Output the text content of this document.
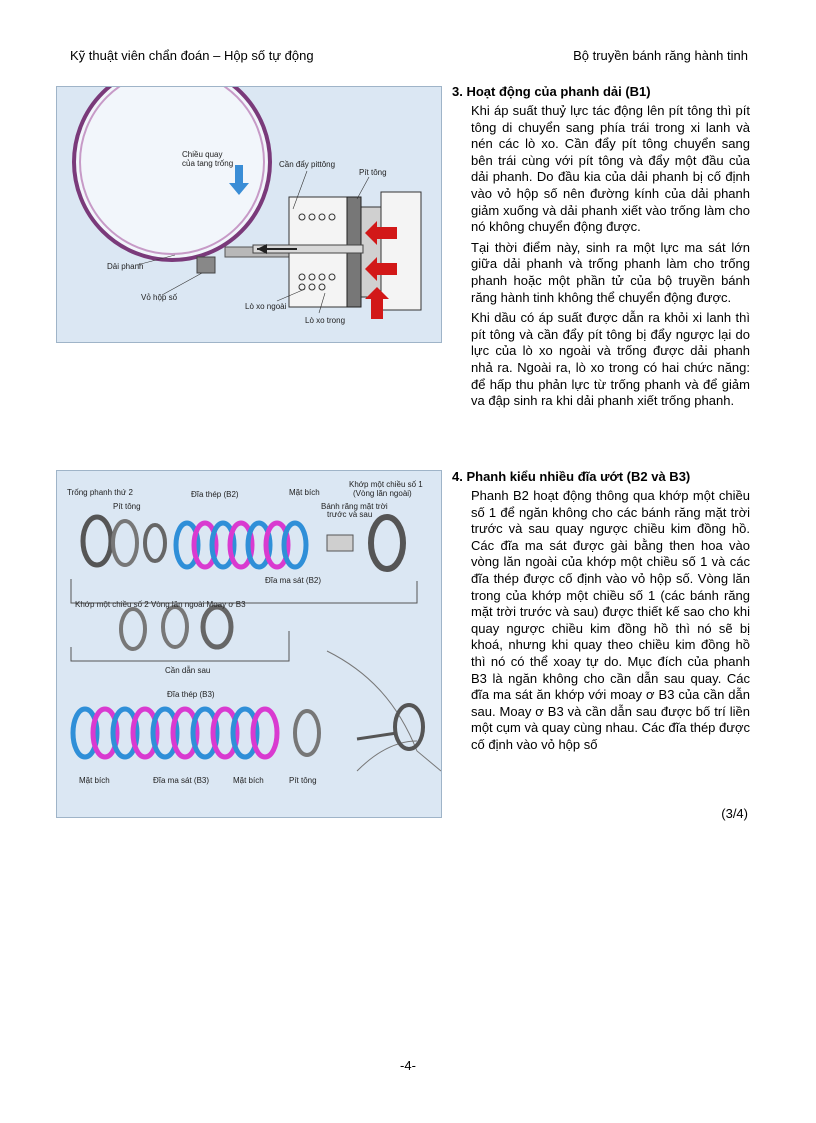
Kỹ thuật viên chẩn đoán – Hộp số tự động	Bộ truyền bánh răng hành tinh
Chiều quay
của tang trống	Cần đẩy pittông
Pít tông
Dải phanh
Vỏ hộp số
Lò xo ngoài
Lò xo trong
Trống phanh thứ 2
Pít tông
Đĩa thép (B2)	Mặt bích
Khớp một chiều số 1
(Vòng lăn ngoài)
Bánh răng mặt trời
trước và sau
Đĩa ma sát (B2)
Khớp một chiều số 2 Vòng lăn ngoài Moay ơ B3
Cần dẫn sau
Đĩa thép (B3)
Mặt bích	Đĩa ma sát (B3)	Mặt bích	Pít tông
3. Hoạt động của phanh dải (B1)

Khi áp suất thuỷ lực tác động lên pít tông thì pít tông di chuyển sang phía trái trong xi lanh và nén các lò xo. Cần đẩy pít tông chuyển sang bên trái cùng với pít tông và đẩy một đầu của dải phanh. Do đầu kia của dải phanh bị cố định vào vỏ hộp số nên đường kính của dải phanh giảm xuống và dải phanh xiết vào trống làm cho nó không chuyển động được.

Tại thời điểm này, sinh ra một lực ma sát lớn giữa dải phanh và trống phanh làm cho trống phanh hoặc một phần tử của bộ truyền bánh răng hành tinh không thể chuyển động được.

Khi dầu có áp suất được dẫn ra khỏi xi lanh thì pít tông và cần đẩy pít tông bị đẩy ngược lại do lực của lò xo ngoài và trống được dải phanh nhả ra. Ngoài ra, lò xo trong có hai chức năng: để hấp thu phản lực từ trống phanh và để giảm va đập sinh ra khi dải phanh xiết trống phanh.

4. Phanh kiểu nhiều đĩa ướt (B2 và B3)

Phanh B2 hoạt động thông qua khớp một chiều số 1 để ngăn không cho các bánh răng mặt trời trước và sau quay ngược chiều kim đồng hồ. Các đĩa ma sát được gài bằng then hoa vào vòng lăn ngoài của khớp một chiều số 1 và các đĩa thép được cố định vào vỏ hộp số. Vòng lăn trong của khớp một chiều số 1 (các bánh răng mặt trời trước và sau) được thiết kế sao cho khi quay ngược chiều kim đồng hồ thì nó sẽ bị khoá, nhưng khi quay theo chiều kim đồng hồ thì nó có thể xoay tự do. Mục đích của phanh B3 là ngăn không cho cần dẫn sau quay. Các đĩa ma sát ăn khớp với moay ơ B3 của cần dẫn sau. Moay ơ B3 và cần dẫn sau được bố trí liền một cụm và quay cùng nhau. Các đĩa thép được cố định vào vỏ hộp số

(3/4)
-4-
